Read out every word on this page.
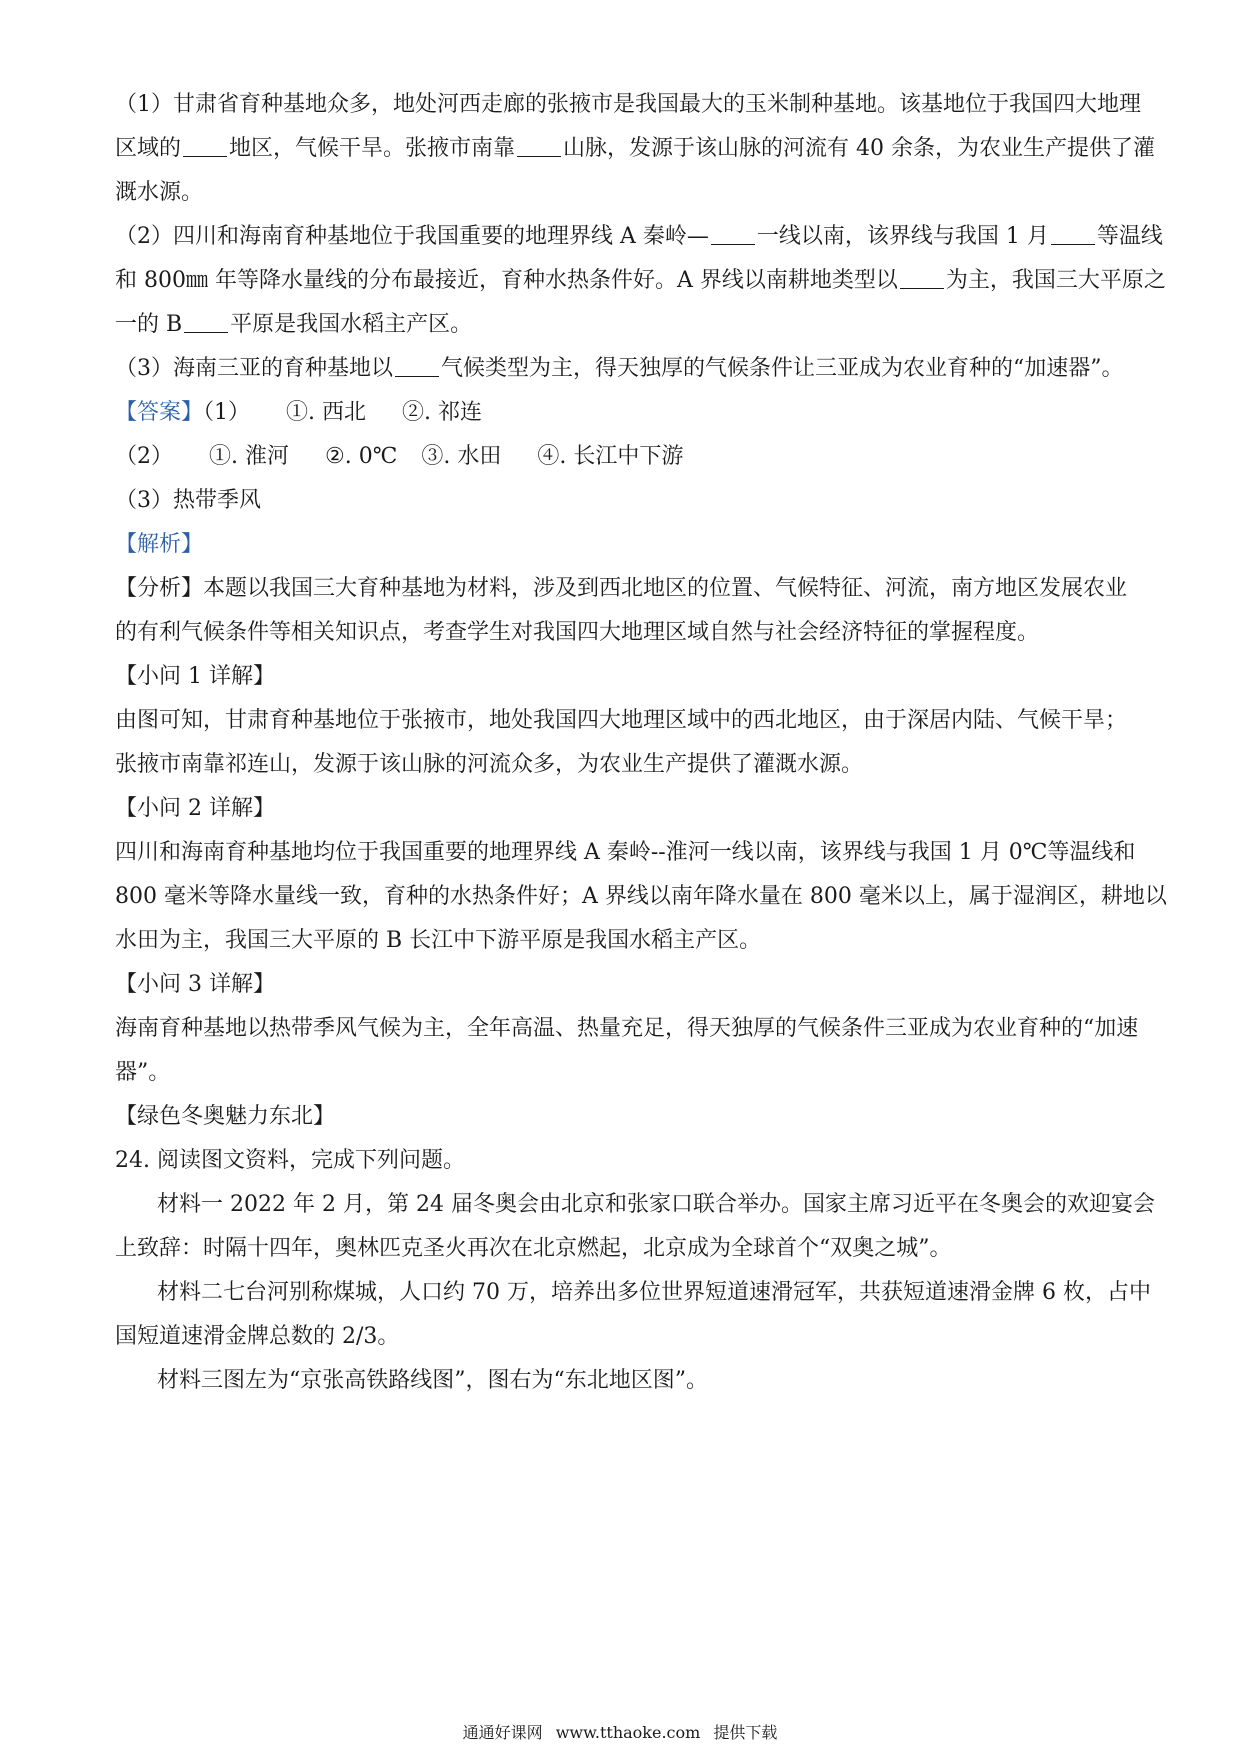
（1）甘肃省育种基地众多，地处河西走廊的张掖市是我国最大的玉米制种基地。该基地位于我国四大地理
区域的 地区，气候干旱。张掖市南靠 山脉，发源于该山脉的河流有 40 余条，为农业生产提供了灌
溉水源。
（2）四川和海南育种基地位于我国重要的地理界线 A 秦岭— 一线以南，该界线与我国 1 月 等温线
和 800㎜ 年等降水量线的分布最接近，育种水热条件好。A 界线以南耕地类型以 为主，我国三大平原之
一的 B 平原是我国水稻主产区。
（3）海南三亚的育种基地以 气候类型为主，得天独厚的气候条件让三亚成为农业育种的“加速器”。
【答案】（1） ①. 西北 ②. 祁连
（2） ①. 淮河 ②. 0℃ ③. 水田 ④. 长江中下游
（3）热带季风
【解析】
【分析】本题以我国三大育种基地为材料，涉及到西北地区的位置、气候特征、河流，南方地区发展农业
的有利气候条件等相关知识点，考查学生对我国四大地理区域自然与社会经济特征的掌握程度。
【小问 1 详解】
由图可知，甘肃育种基地位于张掖市，地处我国四大地理区域中的西北地区，由于深居内陆、气候干旱；
张掖市南靠祁连山，发源于该山脉的河流众多，为农业生产提供了灌溉水源。
【小问 2 详解】
四川和海南育种基地均位于我国重要的地理界线 A 秦岭--淮河一线以南，该界线与我国 1 月 0℃等温线和
800 毫米等降水量线一致，育种的水热条件好；A 界线以南年降水量在 800 毫米以上，属于湿润区，耕地以
水田为主，我国三大平原的 B 长江中下游平原是我国水稻主产区。
【小问 3 详解】
海南育种基地以热带季风气候为主，全年高温、热量充足，得天独厚的气候条件三亚成为农业育种的“加速
器”。
【绿色冬奥魅力东北】
24. 阅读图文资料，完成下列问题。
材料一 2022 年 2 月，第 24 届冬奥会由北京和张家口联合举办。国家主席习近平在冬奥会的欢迎宴会
上致辞：时隔十四年，奥林匹克圣火再次在北京燃起，北京成为全球首个“双奥之城”。
材料二七台河别称煤城，人口约 70 万，培养出多位世界短道速滑冠军，共获短道速滑金牌 6 枚，占中
国短道速滑金牌总数的 2/3。
材料三图左为“京张高铁路线图”，图右为“东北地区图”。
通通好课网 www.tthaoke.com 提供下载
